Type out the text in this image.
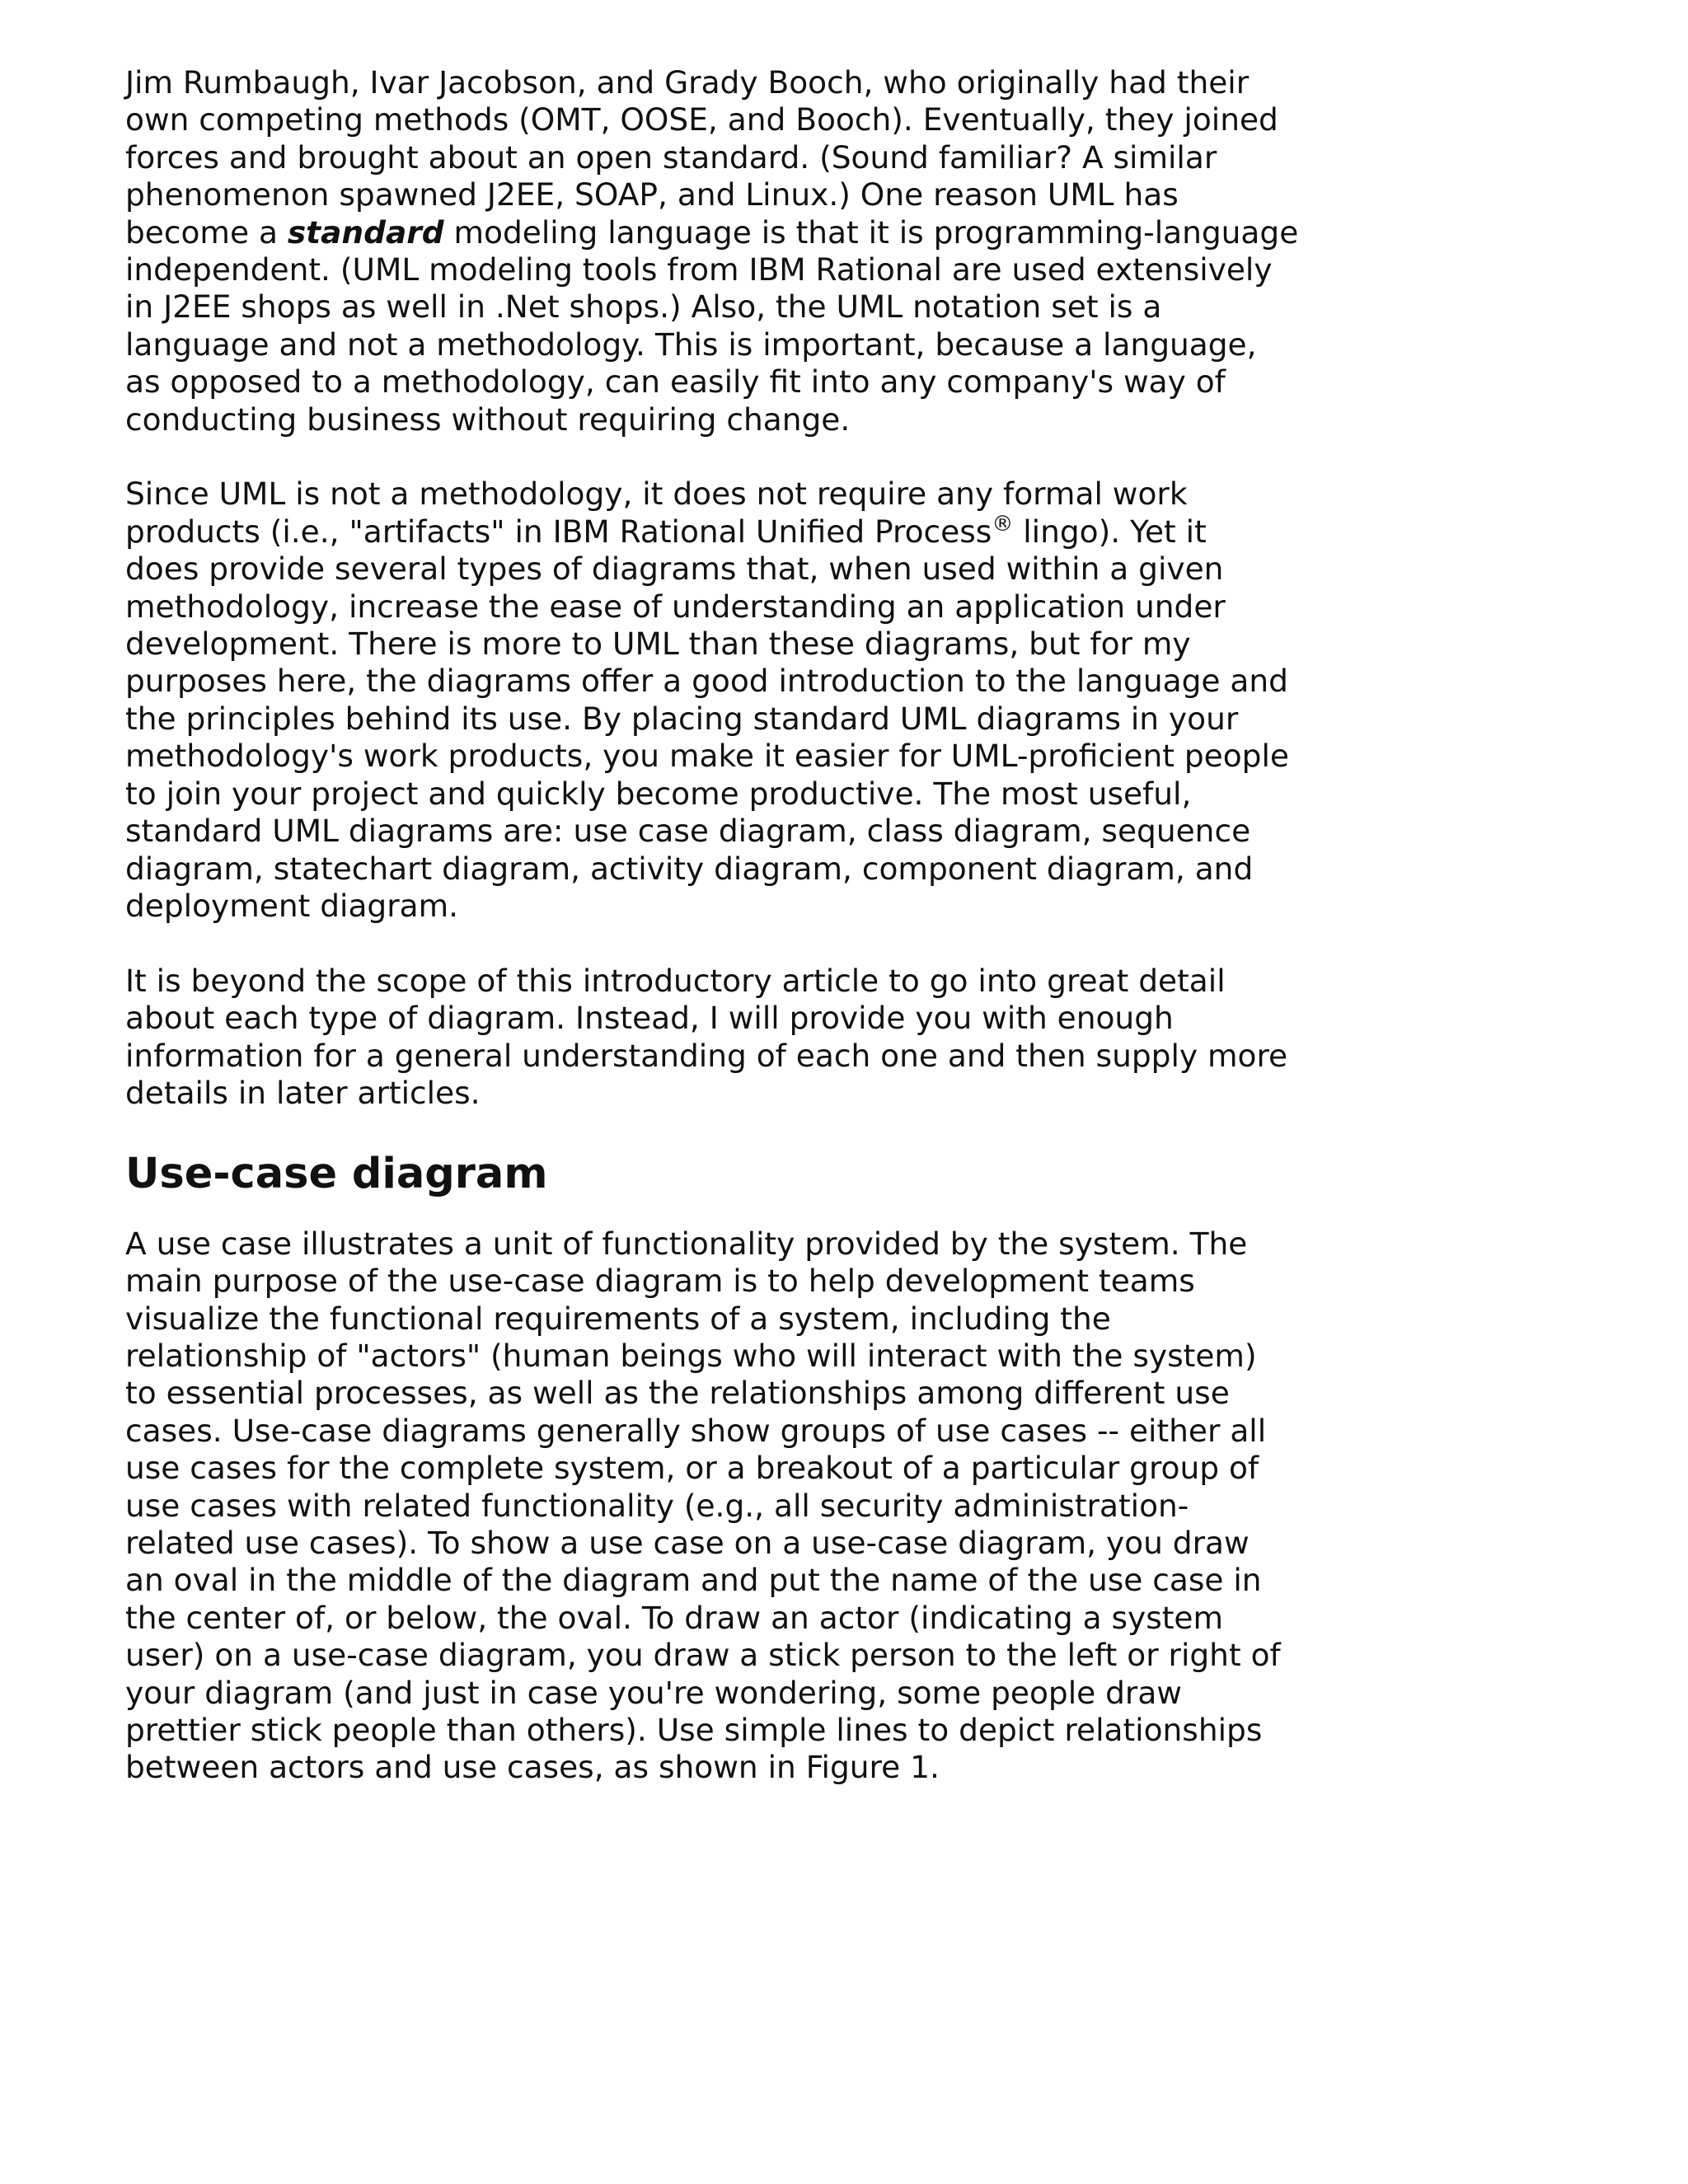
Jim Rumbaugh, Ivar Jacobson, and Grady Booch, who originally had their
own competing methods (OMT, OOSE, and Booch). Eventually, they joined
forces and brought about an open standard. (Sound familiar? A similar
phenomenon spawned J2EE, SOAP, and Linux.) One reason UML has
become a standard modeling language is that it is programming-language
independent. (UML modeling tools from IBM Rational are used extensively
in J2EE shops as well in .Net shops.) Also, the UML notation set is a
language and not a methodology. This is important, because a language,
as opposed to a methodology, can easily fit into any company's way of
conducting business without requiring change.

Since UML is not a methodology, it does not require any formal work
products (i.e., "artifacts" in IBM Rational Unified Process® lingo). Yet it
does provide several types of diagrams that, when used within a given
methodology, increase the ease of understanding an application under
development. There is more to UML than these diagrams, but for my
purposes here, the diagrams offer a good introduction to the language and
the principles behind its use. By placing standard UML diagrams in your
methodology's work products, you make it easier for UML-proficient people
to join your project and quickly become productive. The most useful,
standard UML diagrams are: use case diagram, class diagram, sequence
diagram, statechart diagram, activity diagram, component diagram, and
deployment diagram.

It is beyond the scope of this introductory article to go into great detail
about each type of diagram. Instead, I will provide you with enough
information for a general understanding of each one and then supply more
details in later articles.

Use-case diagram

A use case illustrates a unit of functionality provided by the system. The
main purpose of the use-case diagram is to help development teams
visualize the functional requirements of a system, including the
relationship of "actors" (human beings who will interact with the system)
to essential processes, as well as the relationships among different use
cases. Use-case diagrams generally show groups of use cases -- either all
use cases for the complete system, or a breakout of a particular group of
use cases with related functionality (e.g., all security administration-
related use cases). To show a use case on a use-case diagram, you draw
an oval in the middle of the diagram and put the name of the use case in
the center of, or below, the oval. To draw an actor (indicating a system
user) on a use-case diagram, you draw a stick person to the left or right of
your diagram (and just in case you're wondering, some people draw
prettier stick people than others). Use simple lines to depict relationships
between actors and use cases, as shown in Figure 1.
